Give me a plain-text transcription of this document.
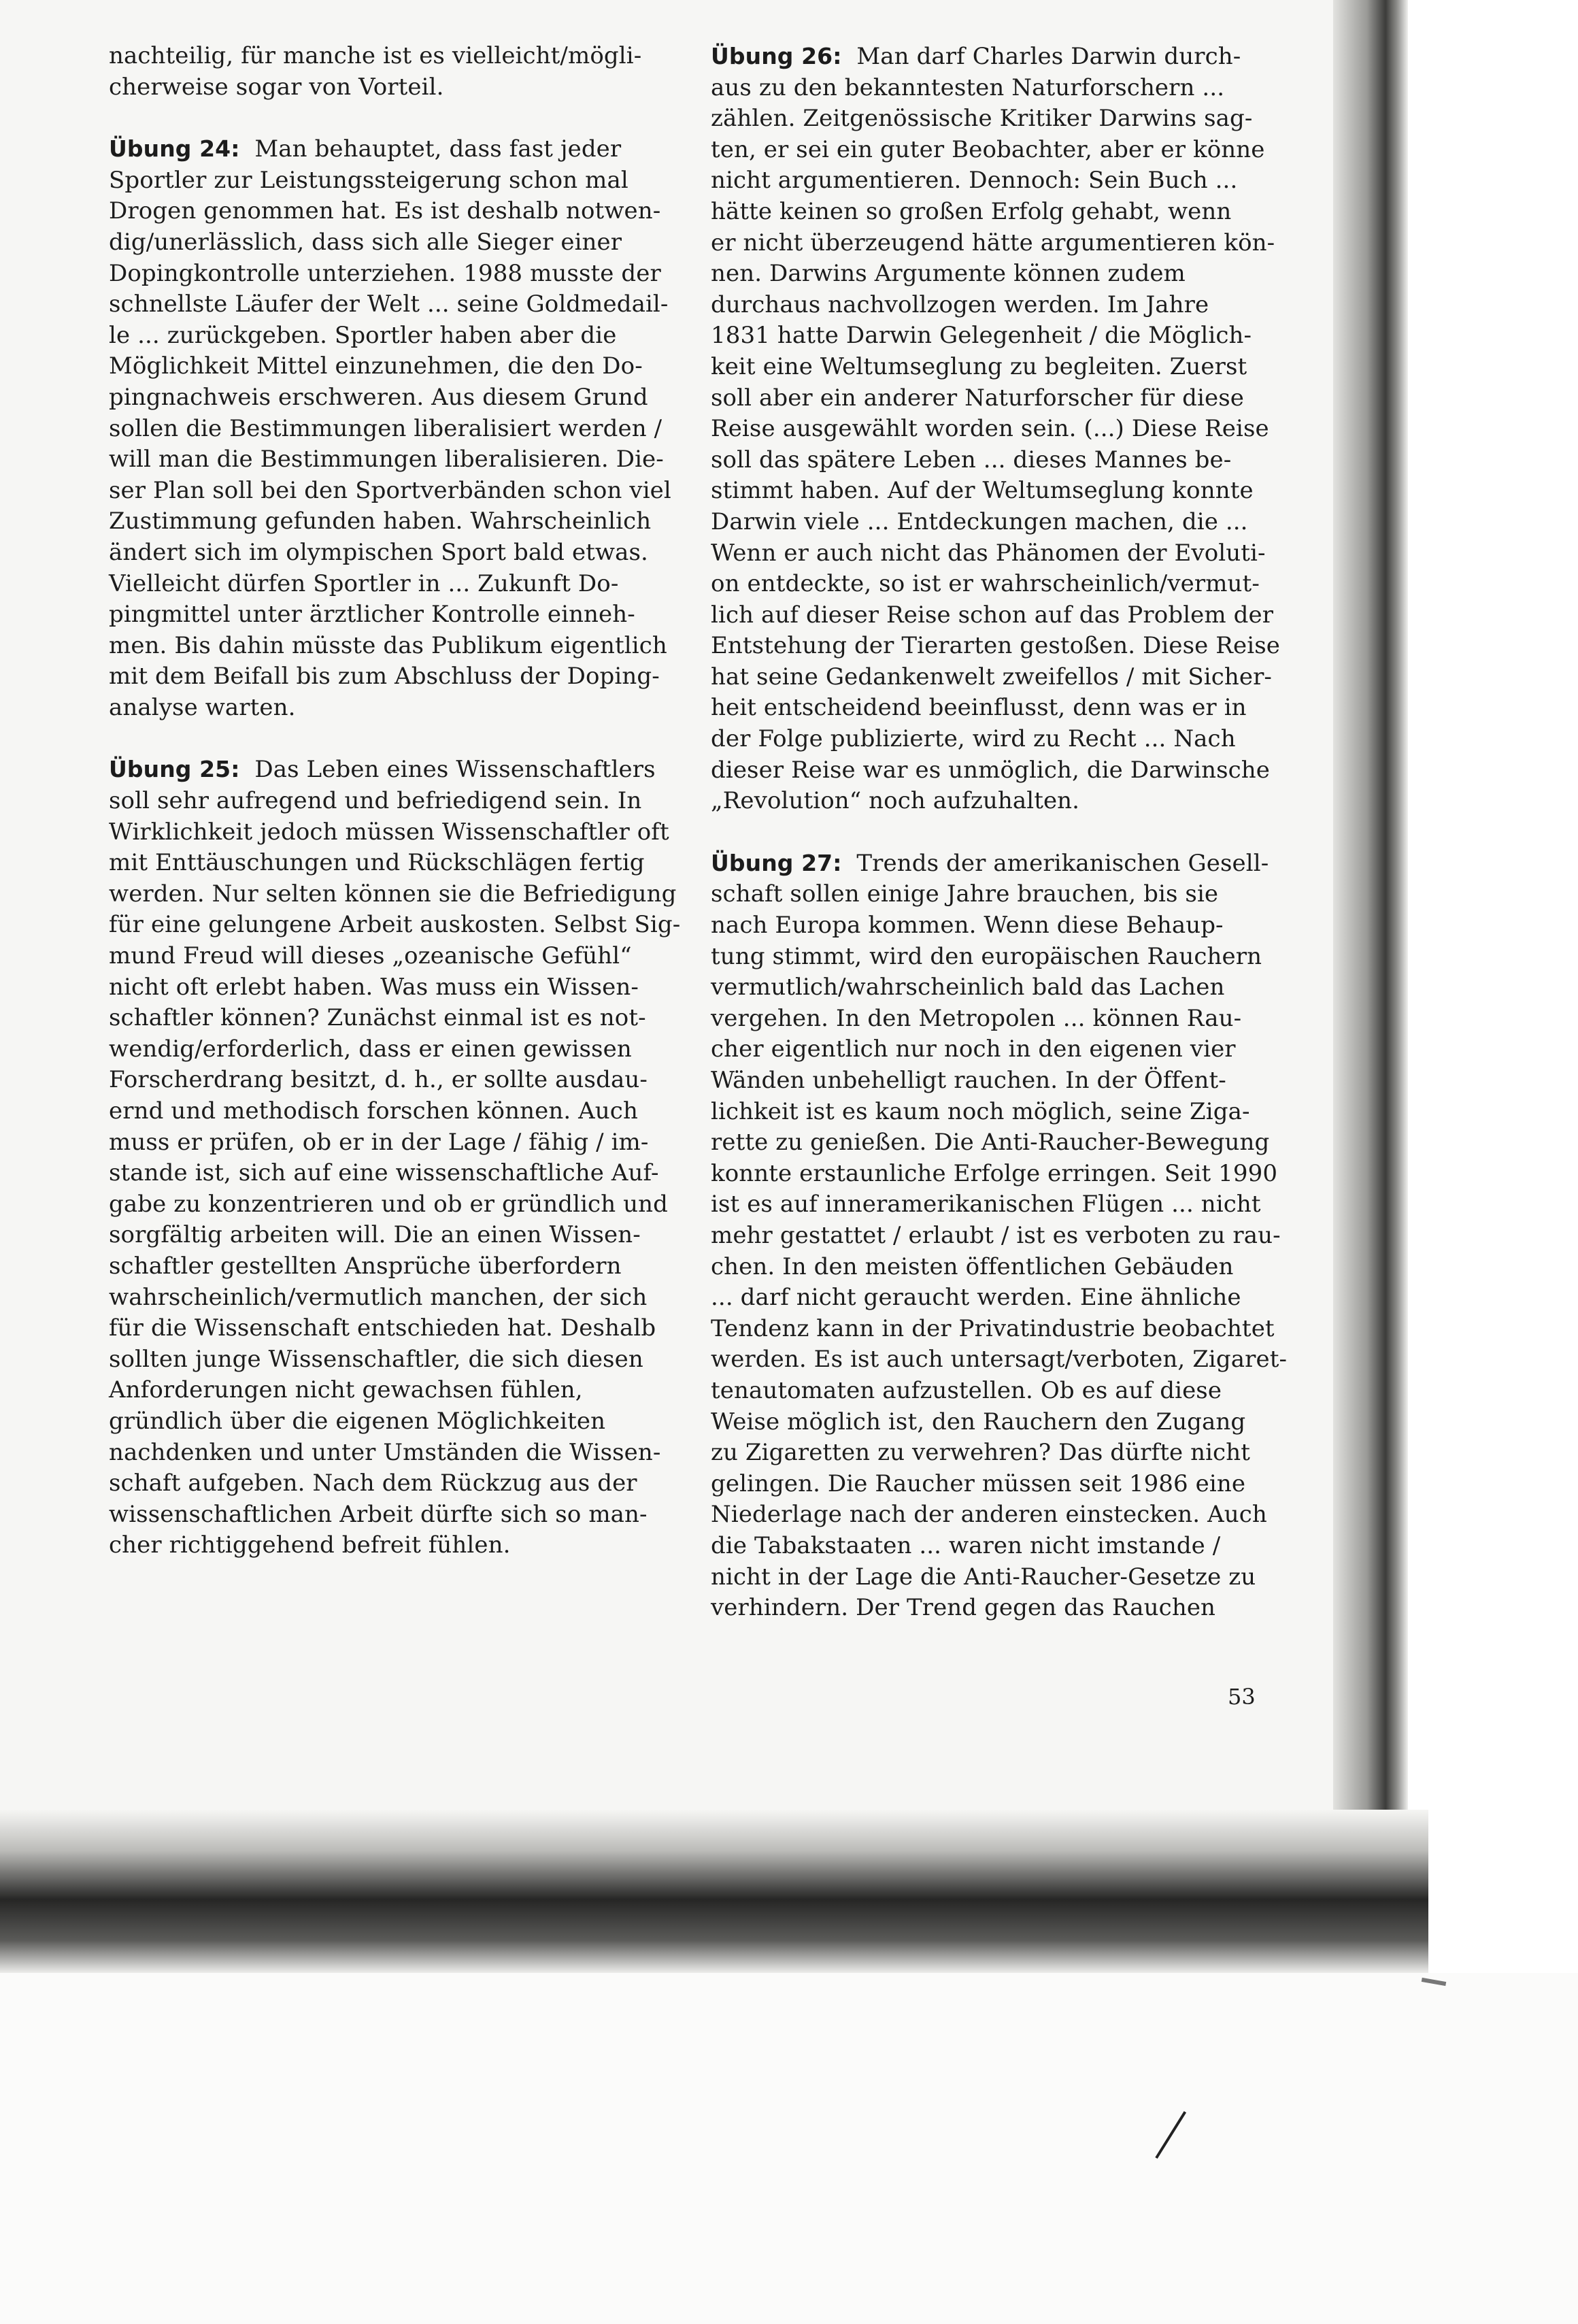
nachteilig, für manche ist es vielleicht/mögli-
cherweise sogar von Vorteil.
Übung 24: Man behauptet, dass fast jeder
Sportler zur Leistungssteigerung schon mal
Drogen genommen hat. Es ist deshalb notwen-
dig/unerlässlich, dass sich alle Sieger einer
Dopingkontrolle unterziehen. 1988 musste der
schnellste Läufer der Welt ... seine Goldmedail-
le ... zurückgeben. Sportler haben aber die
Möglichkeit Mittel einzunehmen, die den Do-
pingnachweis erschweren. Aus diesem Grund
sollen die Bestimmungen liberalisiert werden /
will man die Bestimmungen liberalisieren. Die-
ser Plan soll bei den Sportverbänden schon viel
Zustimmung gefunden haben. Wahrscheinlich
ändert sich im olympischen Sport bald etwas.
Vielleicht dürfen Sportler in ... Zukunft Do-
pingmittel unter ärztlicher Kontrolle einneh-
men. Bis dahin müsste das Publikum eigentlich
mit dem Beifall bis zum Abschluss der Doping-
analyse warten.
Übung 25: Das Leben eines Wissenschaftlers
soll sehr aufregend und befriedigend sein. In
Wirklichkeit jedoch müssen Wissenschaftler oft
mit Enttäuschungen und Rückschlägen fertig
werden. Nur selten können sie die Befriedigung
für eine gelungene Arbeit auskosten. Selbst Sig-
mund Freud will dieses „ozeanische Gefühl“
nicht oft erlebt haben. Was muss ein Wissen-
schaftler können? Zunächst einmal ist es not-
wendig/erforderlich, dass er einen gewissen
Forscherdrang besitzt, d. h., er sollte ausdau-
ernd und methodisch forschen können. Auch
muss er prüfen, ob er in der Lage / fähig / im-
stande ist, sich auf eine wissenschaftliche Auf-
gabe zu konzentrieren und ob er gründlich und
sorgfältig arbeiten will. Die an einen Wissen-
schaftler gestellten Ansprüche überfordern
wahrscheinlich/vermutlich manchen, der sich
für die Wissenschaft entschieden hat. Deshalb
sollten junge Wissenschaftler, die sich diesen
Anforderungen nicht gewachsen fühlen,
gründlich über die eigenen Möglichkeiten
nachdenken und unter Umständen die Wissen-
schaft aufgeben. Nach dem Rückzug aus der
wissenschaftlichen Arbeit dürfte sich so man-
cher richtiggehend befreit fühlen.
Übung 26: Man darf Charles Darwin durch-
aus zu den bekanntesten Naturforschern ...
zählen. Zeitgenössische Kritiker Darwins sag-
ten, er sei ein guter Beobachter, aber er könne
nicht argumentieren. Dennoch: Sein Buch ...
hätte keinen so großen Erfolg gehabt, wenn
er nicht überzeugend hätte argumentieren kön-
nen. Darwins Argumente können zudem
durchaus nachvollzogen werden. Im Jahre
1831 hatte Darwin Gelegenheit / die Möglich-
keit eine Weltumseglung zu begleiten. Zuerst
soll aber ein anderer Naturforscher für diese
Reise ausgewählt worden sein. (...) Diese Reise
soll das spätere Leben ... dieses Mannes be-
stimmt haben. Auf der Weltumseglung konnte
Darwin viele ... Entdeckungen machen, die ...
Wenn er auch nicht das Phänomen der Evoluti-
on entdeckte, so ist er wahrscheinlich/vermut-
lich auf dieser Reise schon auf das Problem der
Entstehung der Tierarten gestoßen. Diese Reise
hat seine Gedankenwelt zweifellos / mit Sicher-
heit entscheidend beeinflusst, denn was er in
der Folge publizierte, wird zu Recht ... Nach
dieser Reise war es unmöglich, die Darwinsche
„Revolution“ noch aufzuhalten.
Übung 27: Trends der amerikanischen Gesell-
schaft sollen einige Jahre brauchen, bis sie
nach Europa kommen. Wenn diese Behaup-
tung stimmt, wird den europäischen Rauchern
vermutlich/wahrscheinlich bald das Lachen
vergehen. In den Metropolen ... können Rau-
cher eigentlich nur noch in den eigenen vier
Wänden unbehelligt rauchen. In der Öffent-
lichkeit ist es kaum noch möglich, seine Ziga-
rette zu genießen. Die Anti-Raucher-Bewegung
konnte erstaunliche Erfolge erringen. Seit 1990
ist es auf inneramerikanischen Flügen ... nicht
mehr gestattet / erlaubt / ist es verboten zu rau-
chen. In den meisten öffentlichen Gebäuden
... darf nicht geraucht werden. Eine ähnliche
Tendenz kann in der Privatindustrie beobachtet
werden. Es ist auch untersagt/verboten, Zigaret-
tenautomaten aufzustellen. Ob es auf diese
Weise möglich ist, den Rauchern den Zugang
zu Zigaretten zu verwehren? Das dürfte nicht
gelingen. Die Raucher müssen seit 1986 eine
Niederlage nach der anderen einstecken. Auch
die Tabakstaaten ... waren nicht imstande /
nicht in der Lage die Anti-Raucher-Gesetze zu
verhindern. Der Trend gegen das Rauchen
53
